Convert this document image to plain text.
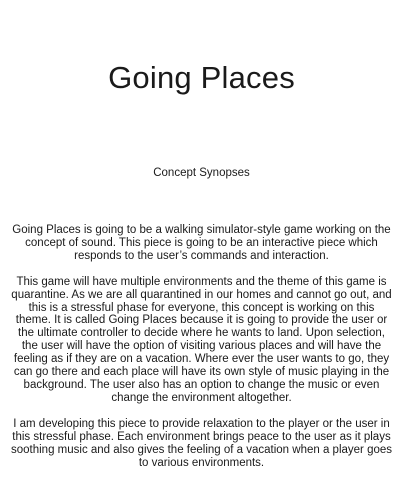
Going Places
Concept Synopses

Going Places is going to be a walking simulator-style game working on the concept of sound. This piece is going to be an interactive piece which responds to the user’s commands and interaction.

This game will have multiple environments and the theme of this game is quarantine. As we are all quarantined in our homes and cannot go out, and this is a stressful phase for everyone, this concept is working on this theme. It is called Going Places because it is going to provide the user or the ultimate controller to decide where he wants to land. Upon selection, the user will have the option of visiting various places and will have the feeling as if they are on a vacation. Where ever the user wants to go, they can go there and each place will have its own style of music playing in the background. The user also has an option to change the music or even change the environment altogether.

I am developing this piece to provide relaxation to the player or the user in this stressful phase. Each environment brings peace to the user as it plays soothing music and also gives the feeling of a vacation when a player goes to various environments.
